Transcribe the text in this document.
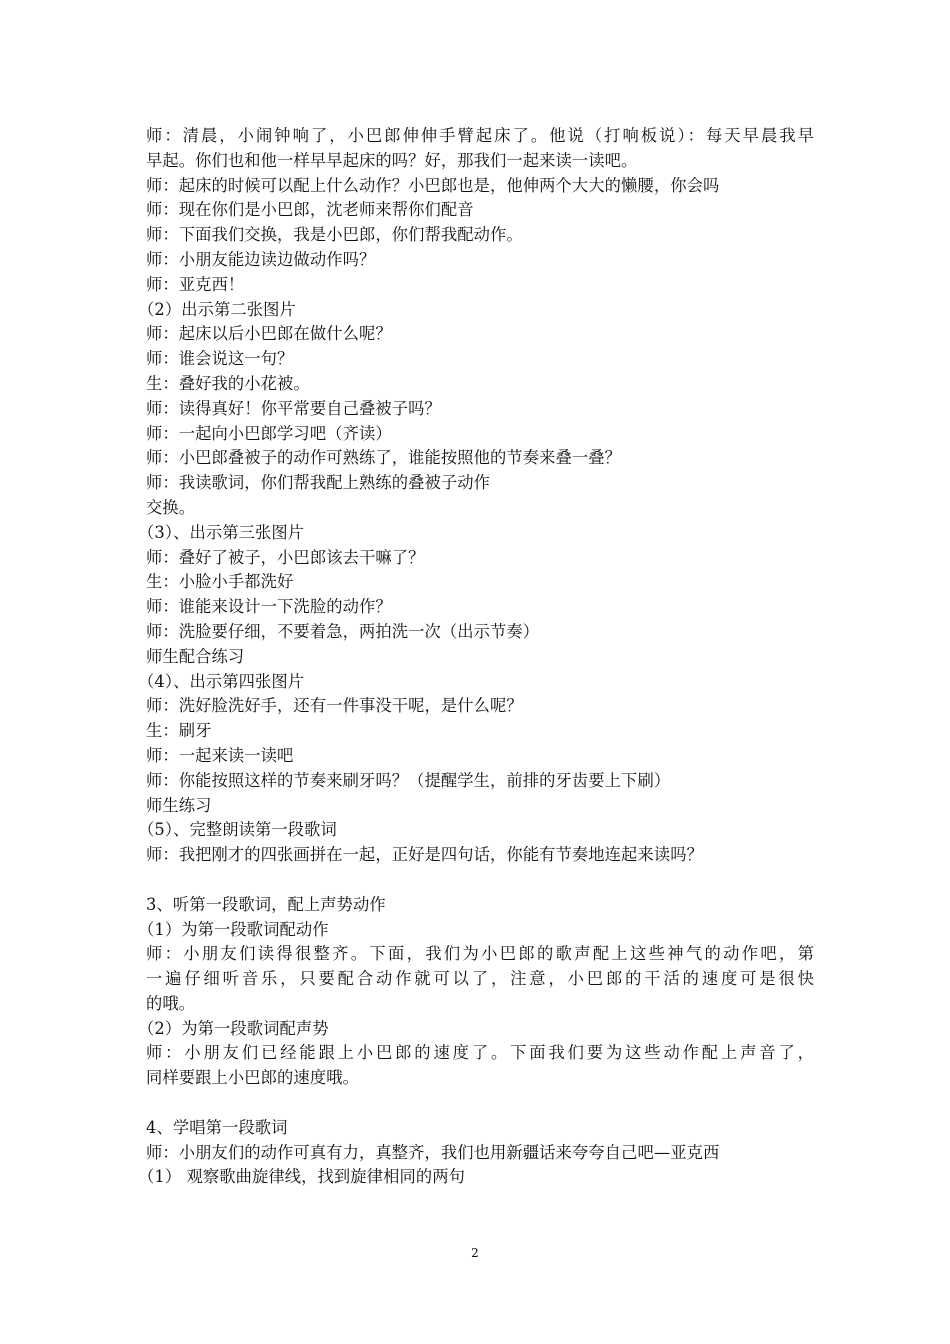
师：清晨，小闹钟响了，小巴郎伸伸手臂起床了。他说（打响板说）：每天早晨我早
早起。你们也和他一样早早起床的吗？好，那我们一起来读一读吧。
师：起床的时候可以配上什么动作？小巴郎也是，他伸两个大大的懒腰，你会吗
师：现在你们是小巴郎，沈老师来帮你们配音
师：下面我们交换，我是小巴郎，你们帮我配动作。
师：小朋友能边读边做动作吗？
师：亚克西！
（2）出示第二张图片
师：起床以后小巴郎在做什么呢？
师：谁会说这一句？
生：叠好我的小花被。
师：读得真好！你平常要自己叠被子吗？
师：一起向小巴郎学习吧（齐读）
师：小巴郎叠被子的动作可熟练了，谁能按照他的节奏来叠一叠？
师：我读歌词，你们帮我配上熟练的叠被子动作
交换。
（3）、出示第三张图片
师：叠好了被子，小巴郎该去干嘛了？
生：小脸小手都洗好
师：谁能来设计一下洗脸的动作？
师：洗脸要仔细，不要着急，两拍洗一次（出示节奏）
师生配合练习
（4）、出示第四张图片
师：洗好脸洗好手，还有一件事没干呢，是什么呢？
生：刷牙
师：一起来读一读吧
师：你能按照这样的节奏来刷牙吗？（提醒学生，前排的牙齿要上下刷）
师生练习
（5）、完整朗读第一段歌词
师：我把刚才的四张画拼在一起，正好是四句话，你能有节奏地连起来读吗？
3、听第一段歌词，配上声势动作
（1）为第一段歌词配动作
师：小朋友们读得很整齐。下面，我们为小巴郎的歌声配上这些神气的动作吧，第
一遍仔细听音乐，只要配合动作就可以了，注意，小巴郎的干活的速度可是很快
的哦。
（2）为第一段歌词配声势
师：小朋友们已经能跟上小巴郎的速度了。下面我们要为这些动作配上声音了，
同样要跟上小巴郎的速度哦。
4、学唱第一段歌词
师：小朋友们的动作可真有力，真整齐，我们也用新疆话来夸夸自己吧—亚克西
（1） 观察歌曲旋律线，找到旋律相同的两句
2
